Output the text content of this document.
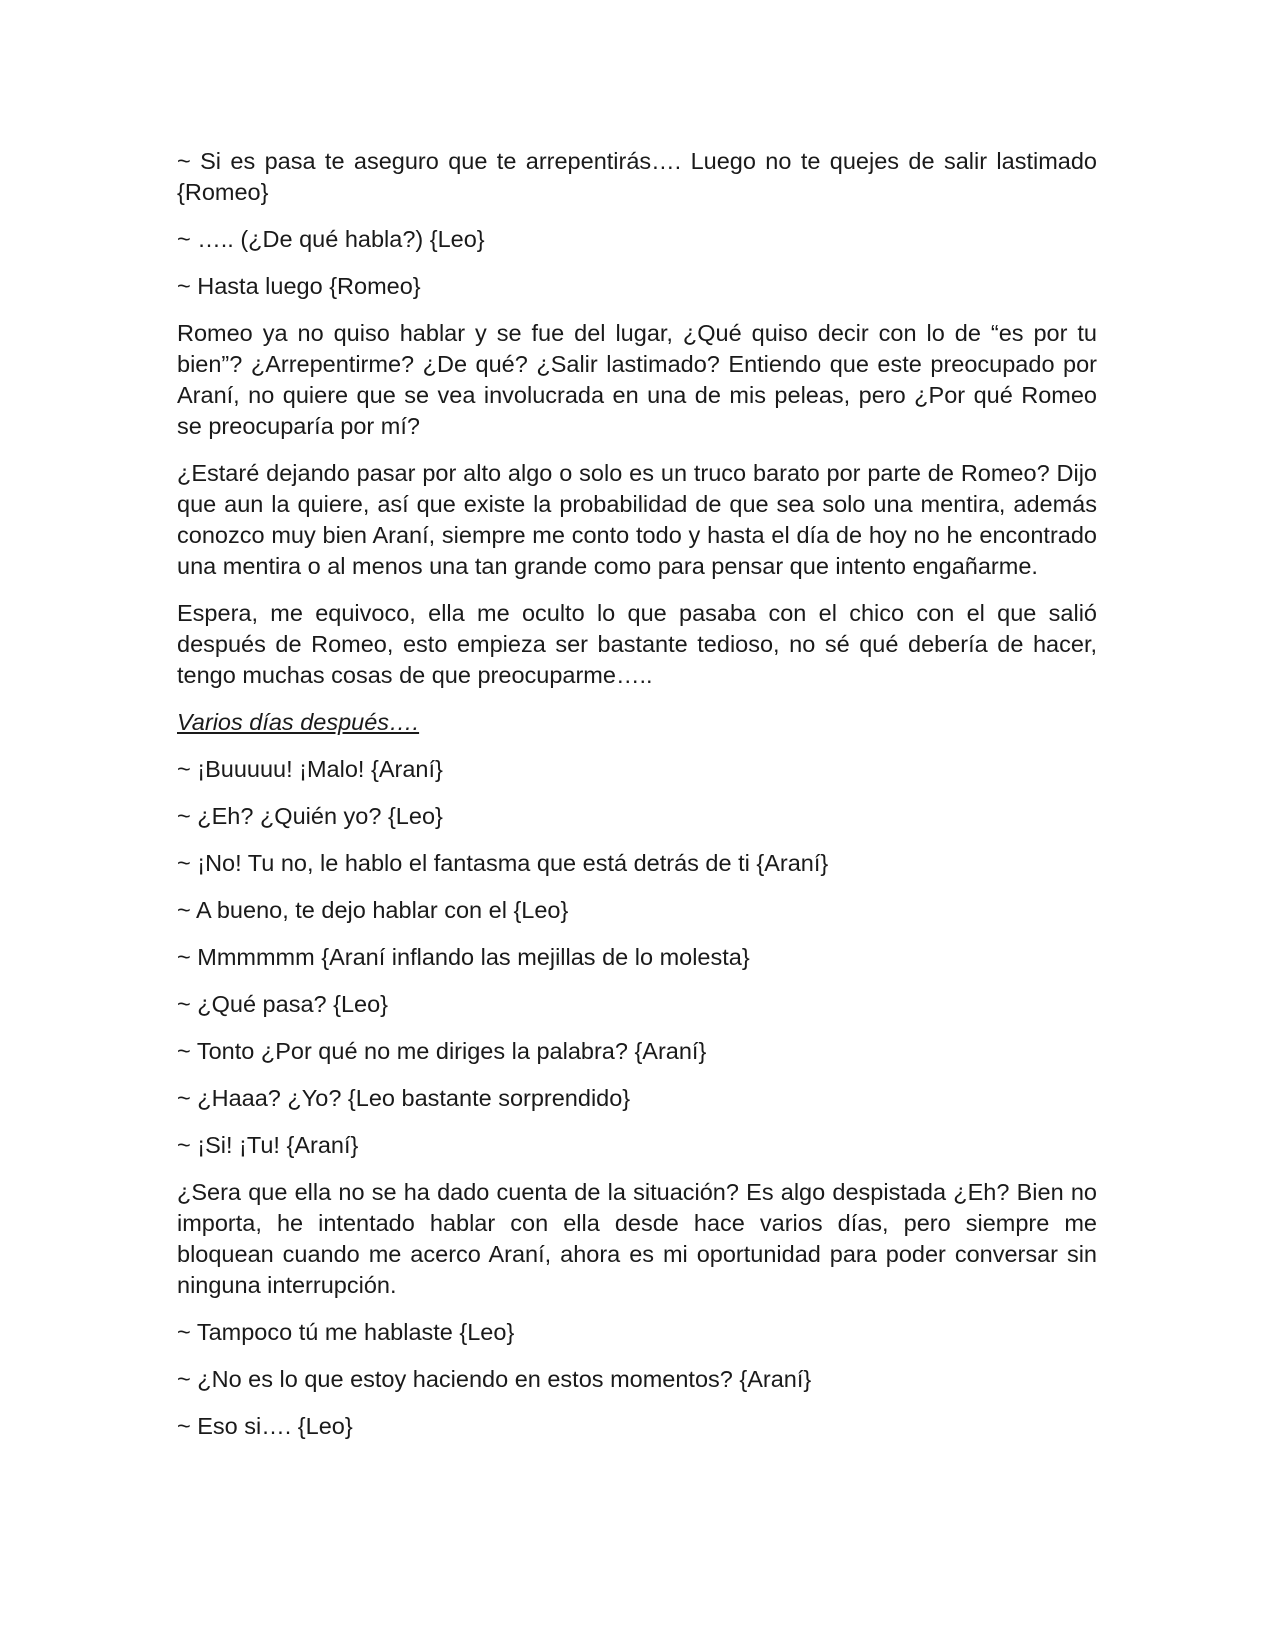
~ Si es pasa te aseguro que te arrepentirás…. Luego no te quejes de salir lastimado {Romeo}

~ ….. (¿De qué habla?) {Leo}

~ Hasta luego {Romeo}

Romeo ya no quiso hablar y se fue del lugar, ¿Qué quiso decir con lo de “es por tu bien”? ¿Arrepentirme? ¿De qué? ¿Salir lastimado? Entiendo que este preocupado por Araní, no quiere que se vea involucrada en una de mis peleas, pero ¿Por qué Romeo se preocuparía por mí?

¿Estaré dejando pasar por alto algo o solo es un truco barato por parte de Romeo? Dijo que aun la quiere, así que existe la probabilidad de que sea solo una mentira, además conozco muy bien Araní, siempre me conto todo y hasta el día de hoy no he encontrado una mentira o al menos una tan grande como para pensar que intento engañarme.

Espera, me equivoco, ella me oculto lo que pasaba con el chico con el que salió después de Romeo, esto empieza ser bastante tedioso, no sé qué debería de hacer, tengo muchas cosas de que preocuparme…..

Varios días después….

~ ¡Buuuuu! ¡Malo! {Araní}

~ ¿Eh? ¿Quién yo? {Leo}

~ ¡No! Tu no, le hablo el fantasma que está detrás de ti {Araní}

~ A bueno, te dejo hablar con el {Leo}

~ Mmmmmm {Araní inflando las mejillas de lo molesta}

~ ¿Qué pasa? {Leo}

~ Tonto ¿Por qué no me diriges la palabra? {Araní}

~ ¿Haaa? ¿Yo? {Leo bastante sorprendido}

~ ¡Si! ¡Tu! {Araní}

¿Sera que ella no se ha dado cuenta de la situación? Es algo despistada ¿Eh? Bien no importa, he intentado hablar con ella desde hace varios días, pero siempre me bloquean cuando me acerco Araní, ahora es mi oportunidad para poder conversar sin ninguna interrupción.

~ Tampoco tú me hablaste {Leo}

~ ¿No es lo que estoy haciendo en estos momentos? {Araní}

~ Eso si…. {Leo}
